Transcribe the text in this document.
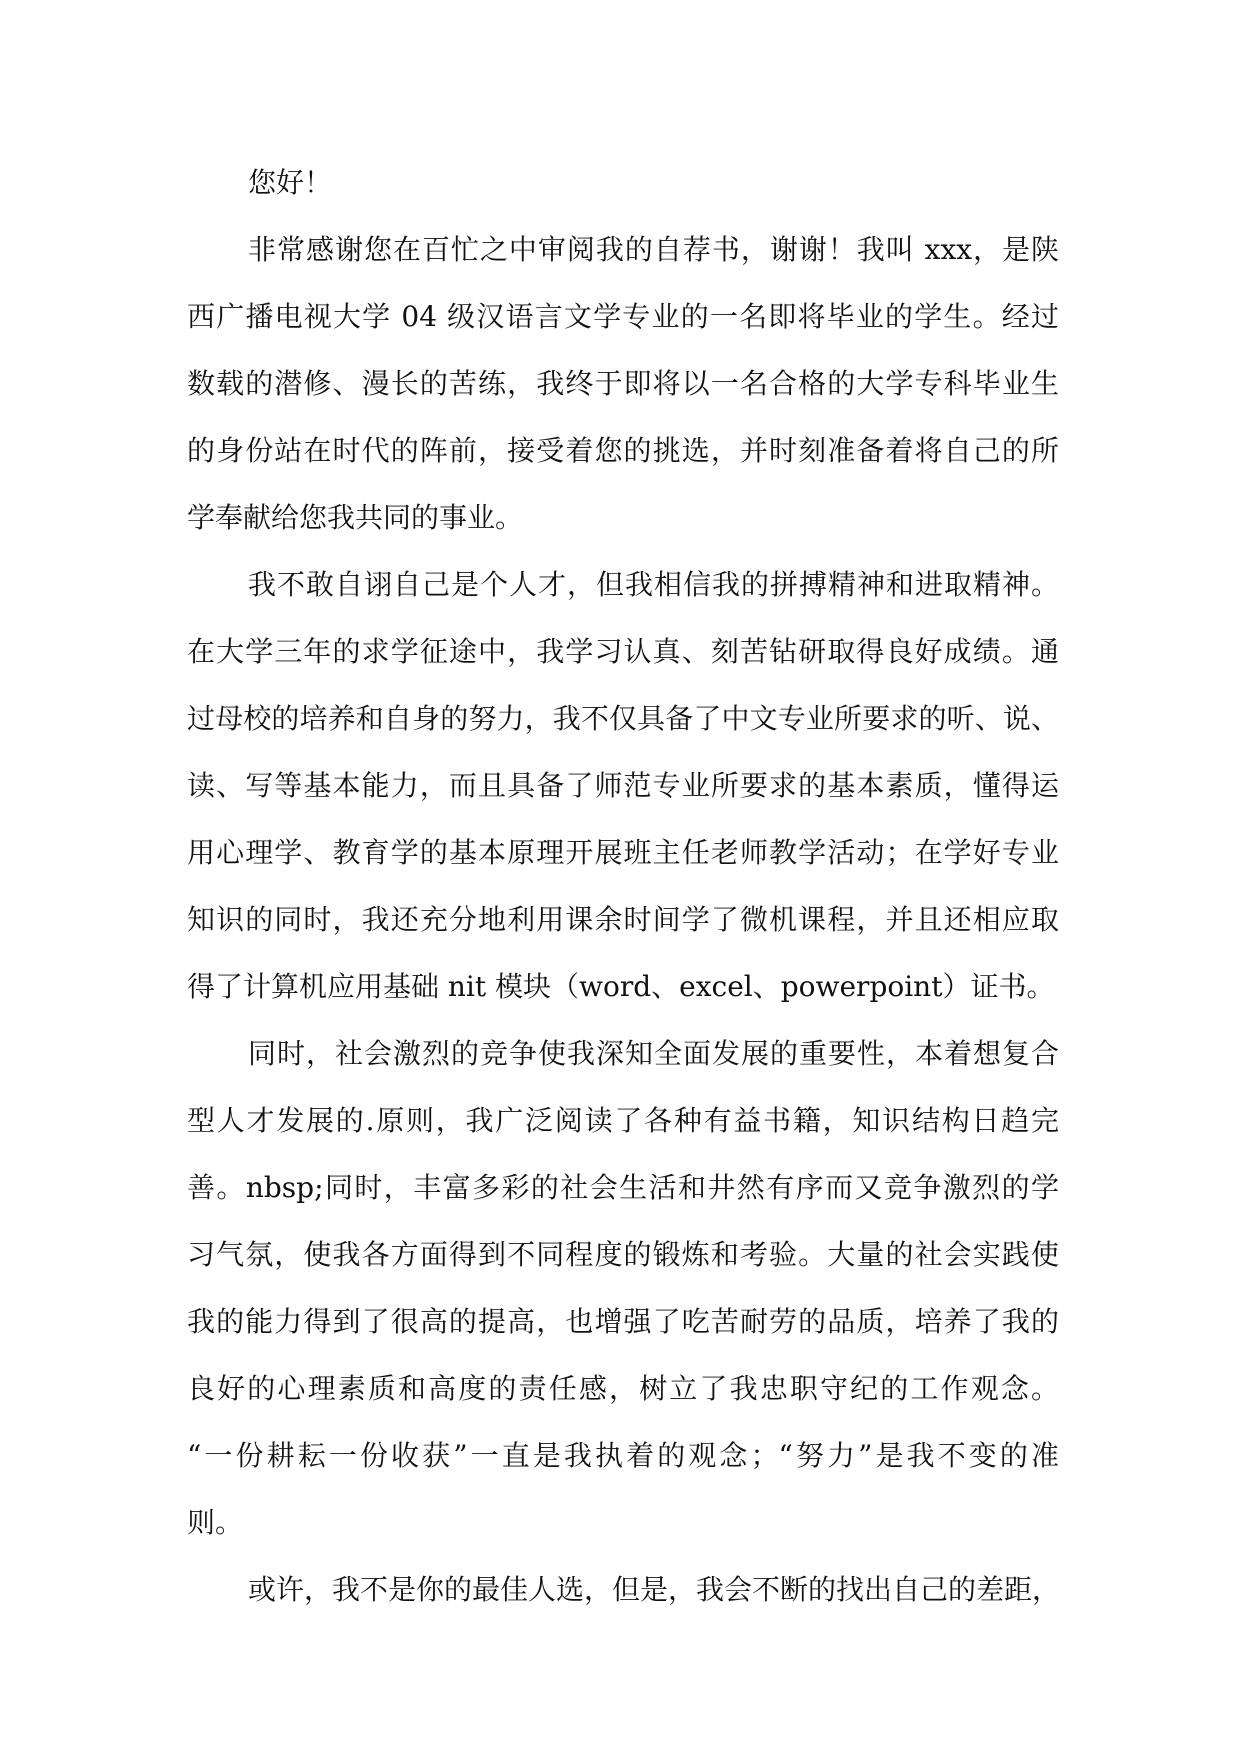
您好！
非常感谢您在百忙之中审阅我的自荐书，谢谢！我叫 xxx，是陕
西广播电视大学 04 级汉语言文学专业的一名即将毕业的学生。经过
数载的潜修、漫长的苦练，我终于即将以一名合格的大学专科毕业生
的身份站在时代的阵前，接受着您的挑选，并时刻准备着将自己的所
学奉献给您我共同的事业。
我不敢自诩自己是个人才，但我相信我的拼搏精神和进取精神。
在大学三年的求学征途中，我学习认真、刻苦钻研取得良好成绩。通
过母校的培养和自身的努力，我不仅具备了中文专业所要求的听、说、
读、写等基本能力，而且具备了师范专业所要求的基本素质，懂得运
用心理学、教育学的基本原理开展班主任老师教学活动；在学好专业
知识的同时，我还充分地利用课余时间学了微机课程，并且还相应取
得了计算机应用基础 nit 模块（word、excel、powerpoint）证书。
同时，社会激烈的竞争使我深知全面发展的重要性，本着想复合
型人才发展的.原则，我广泛阅读了各种有益书籍，知识结构日趋完
善。nbsp;同时，丰富多彩的社会生活和井然有序而又竞争激烈的学
习气氛，使我各方面得到不同程度的锻炼和考验。大量的社会实践使
我的能力得到了很高的提高，也增强了吃苦耐劳的品质，培养了我的
良好的心理素质和高度的责任感，树立了我忠职守纪的工作观念。
“一份耕耘一份收获”一直是我执着的观念；“努力”是我不变的准
则。
或许，我不是你的最佳人选，但是，我会不断的找出自己的差距，
